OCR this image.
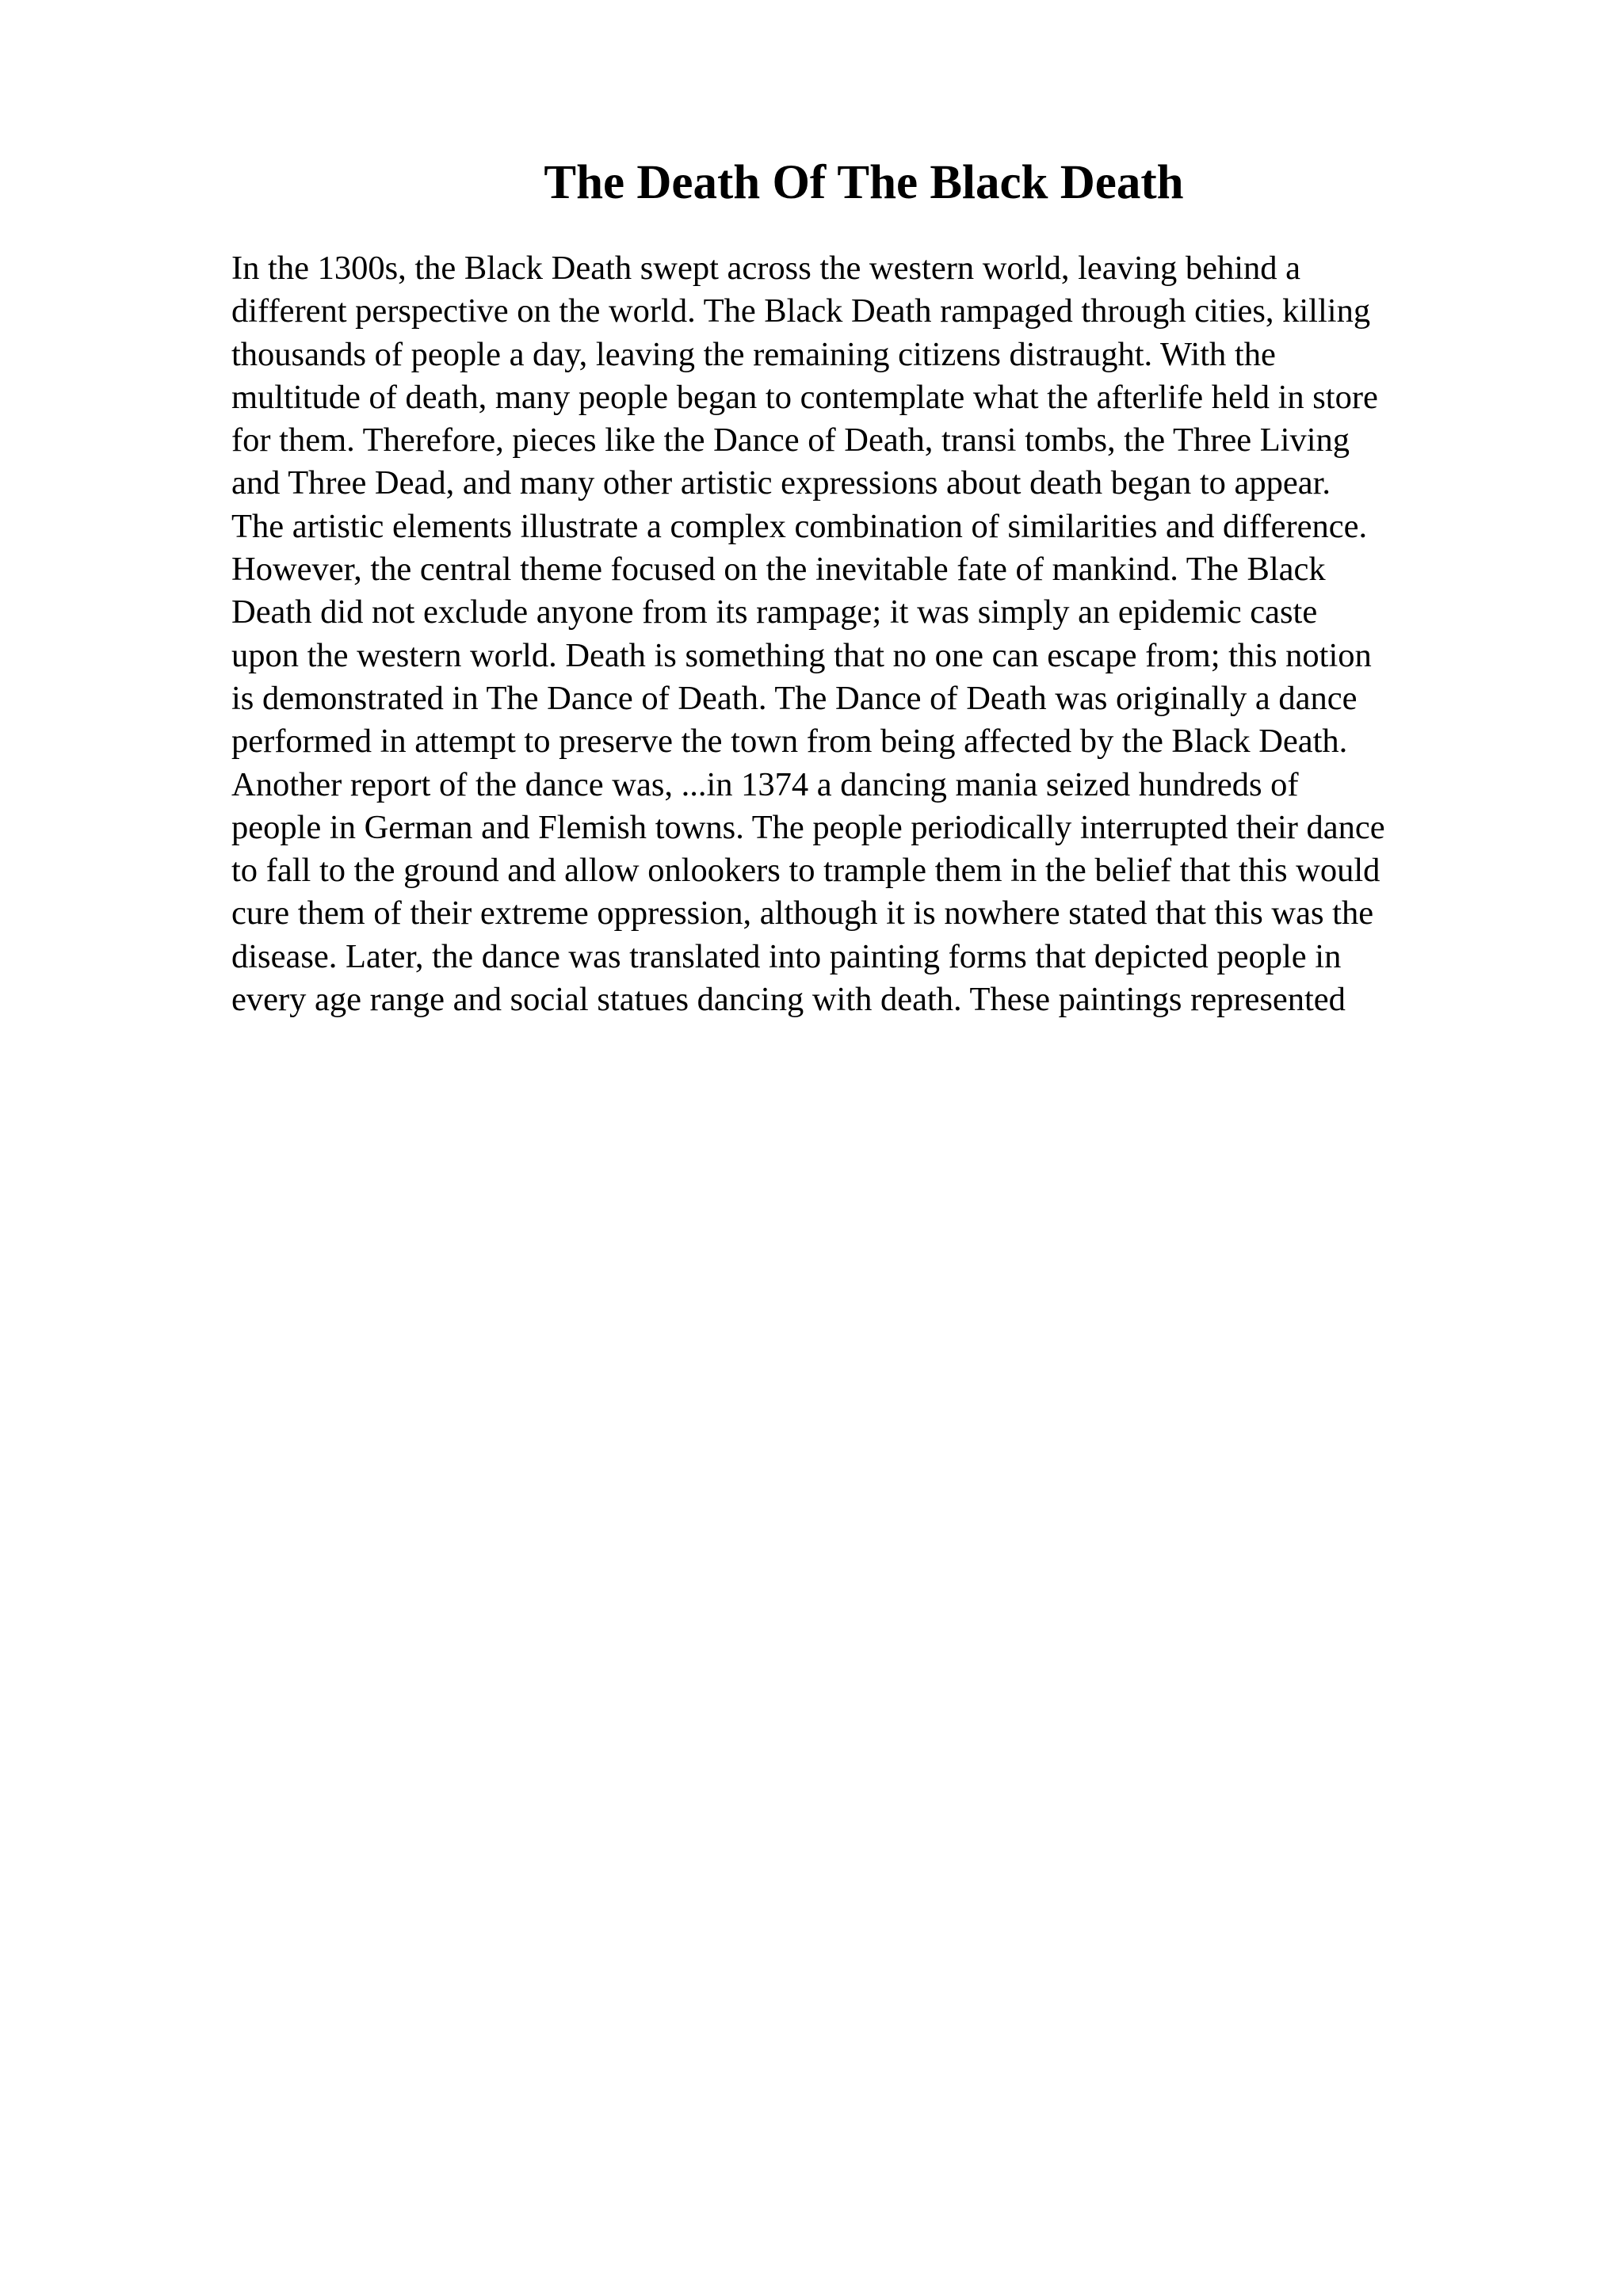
The Death Of The Black Death
In the 1300s, the Black Death swept across the western world, leaving behind a
different perspective on the world. The Black Death rampaged through cities, killing
thousands of people a day, leaving the remaining citizens distraught. With the
multitude of death, many people began to contemplate what the afterlife held in store
for them. Therefore, pieces like the Dance of Death, transi tombs, the Three Living
and Three Dead, and many other artistic expressions about death began to appear.
The artistic elements illustrate a complex combination of similarities and difference.
However, the central theme focused on the inevitable fate of mankind. The Black
Death did not exclude anyone from its rampage; it was simply an epidemic caste
upon the western world. Death is something that no one can escape from; this notion
is demonstrated in The Dance of Death. The Dance of Death was originally a dance
performed in attempt to preserve the town from being affected by the Black Death.
Another report of the dance was, ...in 1374 a dancing mania seized hundreds of
people in German and Flemish towns. The people periodically interrupted their dance
to fall to the ground and allow onlookers to trample them in the belief that this would
cure them of their extreme oppression, although it is nowhere stated that this was the
disease. Later, the dance was translated into painting forms that depicted people in
every age range and social statues dancing with death. These paintings represented
